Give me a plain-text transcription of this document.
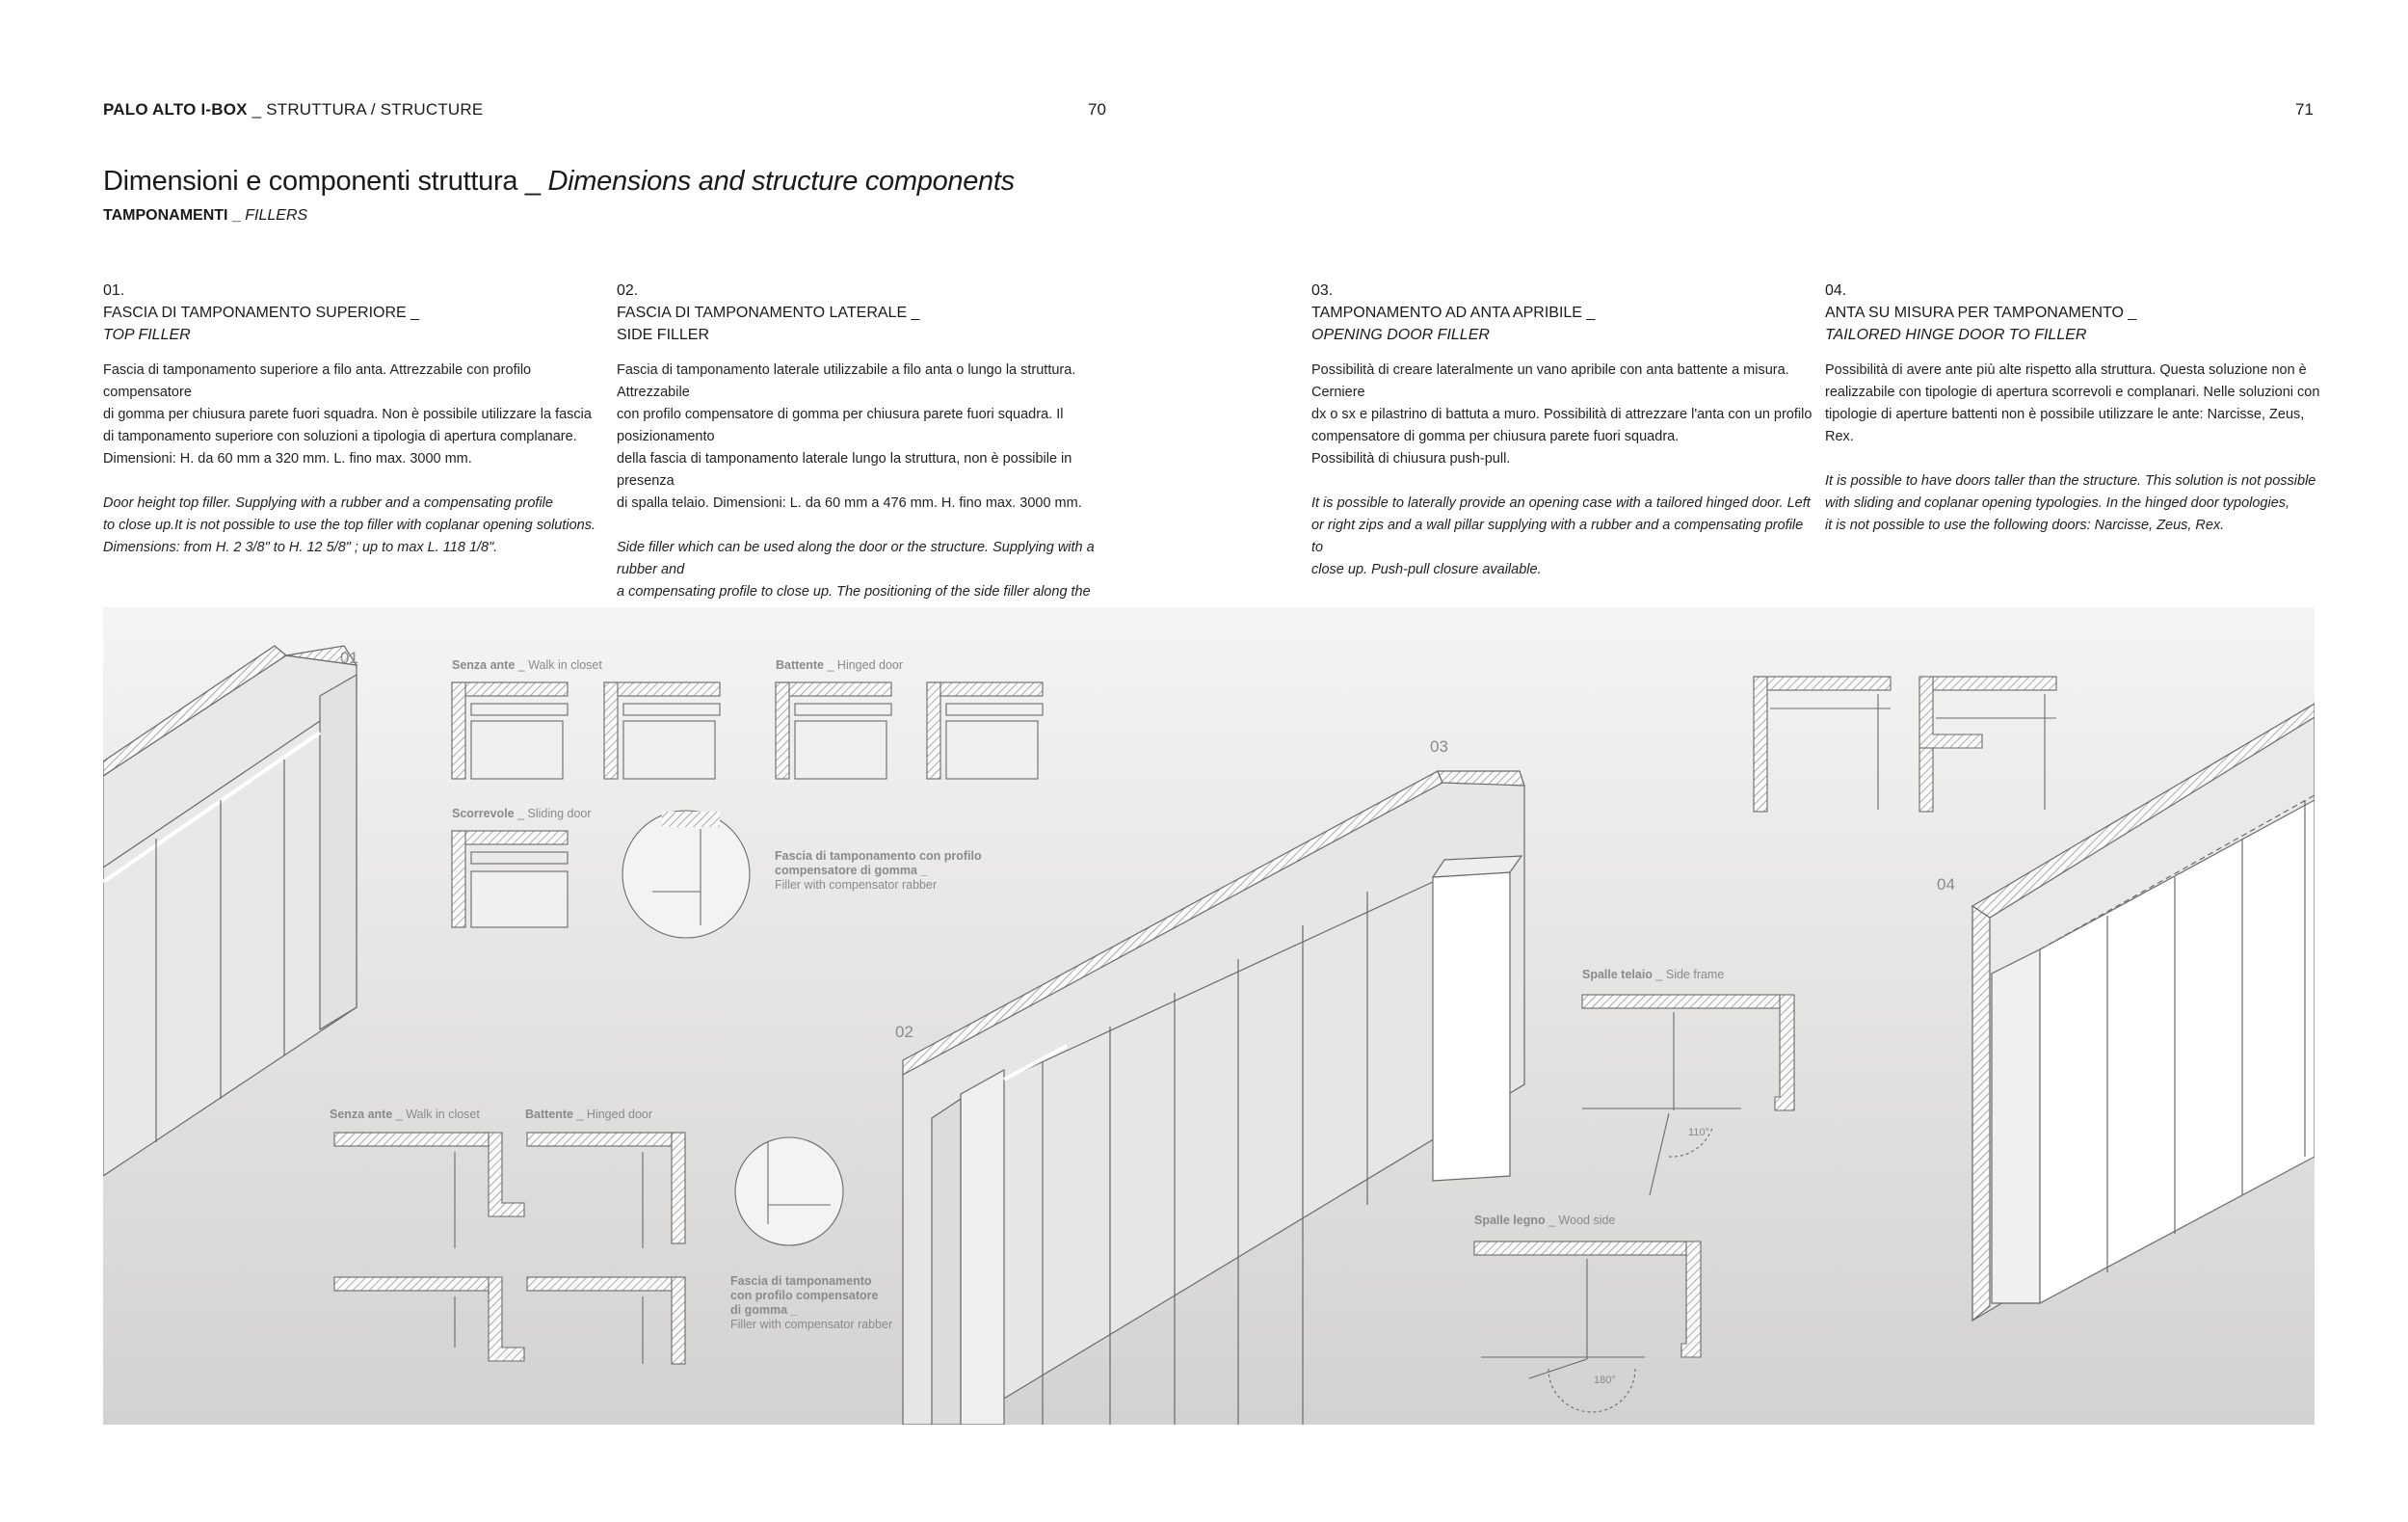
PALO ALTO I-BOX _ STRUTTURA / STRUCTURE	70	71
Dimensioni e componenti struttura _ Dimensions and structure components
TAMPONAMENTI _ FILLERS
01.
FASCIA DI TAMPONAMENTO SUPERIORE _
TOP FILLER
Fascia di tamponamento superiore a filo anta. Attrezzabile con profilo compensatore
di gomma per chiusura parete fuori squadra. Non è possibile utilizzare la fascia
di tamponamento superiore con soluzioni a tipologia di apertura complanare.
Dimensioni: H. da 60 mm a 320 mm. L. fino max. 3000 mm.
Door height top filler. Supplying with a rubber and a compensating profile
to close up.It is not possible to use the top filler with coplanar opening solutions.
Dimensions: from H. 2 3/8" to H. 12 5/8" ; up to max L. 118 1/8".
02.
FASCIA DI TAMPONAMENTO LATERALE _
SIDE FILLER
Fascia di tamponamento laterale utilizzabile a filo anta o lungo la struttura. Attrezzabile
con profilo compensatore di gomma per chiusura parete fuori squadra. Il posizionamento
della fascia di tamponamento laterale lungo la struttura, non è possibile in presenza
di spalla telaio. Dimensioni: L. da 60 mm a 476 mm. H. fino max. 3000 mm.
Side filler which can be used along the door or the structure. Supplying with a rubber and
a compensating profile to close up. The positioning of the side filler along the
03.
TAMPONAMENTO AD ANTA APRIBILE _
OPENING DOOR FILLER
Possibilità di creare lateralmente un vano apribile con anta battente a misura. Cerniere
dx o sx e pilastrino di battuta a muro. Possibilità di attrezzare l'anta con un profilo
compensatore di gomma per chiusura parete fuori squadra.
Possibilità di chiusura push-pull.
It is possible to laterally provide an opening case with a tailored hinged door. Left
or right zips and a wall pillar supplying with a rubber and a compensating profile to
close up. Push-pull closure available.
04.
ANTA SU MISURA PER TAMPONAMENTO _
TAILORED HINGE DOOR TO FILLER
Possibilità di avere ante più alte rispetto alla struttura. Questa soluzione non è
realizzabile con tipologie di apertura scorrevoli e complanari. Nelle soluzioni con
tipologie di aperture battenti non è possibile utilizzare le ante: Narcisse, Zeus, Rex.
It is possible to have doors taller than the structure. This solution is not possible
with sliding and coplanar opening typologies. In the hinged door typologies,
it is not possible to use the following doors: Narcisse, Zeus, Rex.
01	Senza ante _ Walk in closet	Battente _ Hinged door
Scorrevole _ Sliding door
Fascia di tamponamento con profilo compensatore di gomma _ Filler with compensator rabber
02
03
Senza ante _ Walk in closet	Battente _ Hinged door
Fascia di tamponamento con profilo compensatore di gomma _ Filler with compensator rabber
Spalle telaio _ Side frame
110°
Spalle legno _ Wood side
180°
04
